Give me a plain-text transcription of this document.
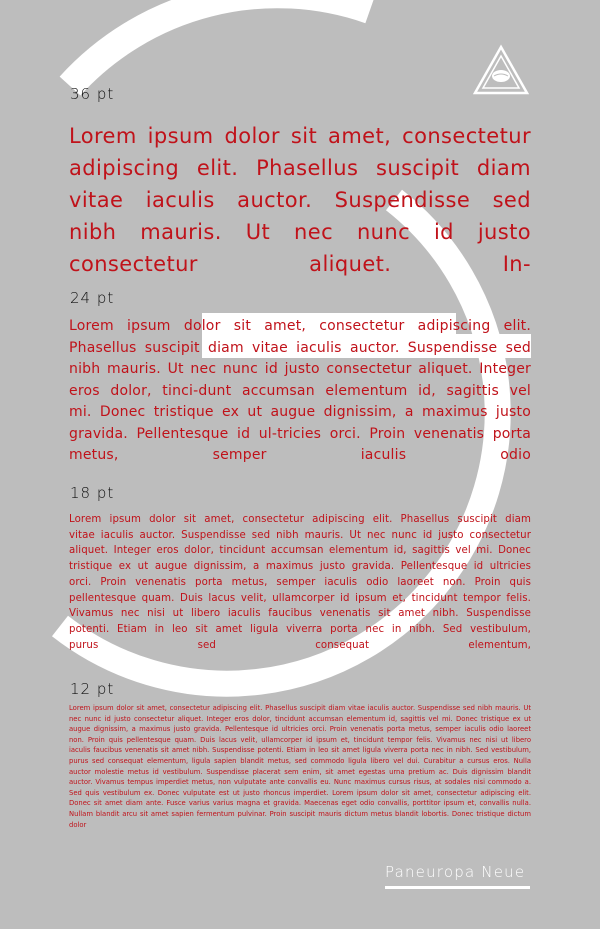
36 pt

Lorem ipsum dolor sit amet, consectetur adipiscing elit. Phasellus suscipit diam vitae iaculis auctor. Suspendisse sed nibh mauris. Ut nec nunc id justo consectetur aliquet. In-

24 pt

Lorem ipsum dolor sit amet, consectetur adipiscing elit. Phasellus suscipit diam vitae iaculis auctor. Suspendisse sed nibh mauris. Ut nec nunc id justo consectetur aliquet. Integer eros dolor, tinci-dunt accumsan elementum id, sagittis vel mi. Donec tristique ex ut augue dignissim, a maximus justo gravida. Pellentesque id ul-tricies orci. Proin venenatis porta metus, semper iaculis odio

18 pt

Lorem ipsum dolor sit amet, consectetur adipiscing elit. Phasellus suscipit diam vitae iaculis auctor. Suspendisse sed nibh mauris. Ut nec nunc id justo consectetur aliquet. Integer eros dolor, tincidunt accumsan elementum id, sagittis vel mi. Donec tristique ex ut augue dignissim, a maximus justo gravida. Pellentesque id ultricies orci. Proin venenatis porta metus, semper iaculis odio laoreet non. Proin quis pellentesque quam. Duis lacus velit, ullamcorper id ipsum et, tincidunt tempor felis. Vivamus nec nisi ut libero iaculis faucibus venenatis sit amet nibh. Suspendisse potenti. Etiam in leo sit amet ligula viverra porta nec in nibh. Sed vestibulum, purus sed consequat elementum,

12 pt

Lorem ipsum dolor sit amet, consectetur adipiscing elit. Phasellus suscipit diam vitae iaculis auctor. Suspendisse sed nibh mauris. Ut nec nunc id justo consectetur aliquet. Integer eros dolor, tincidunt accumsan elementum id, sagittis vel mi. Donec tristique ex ut augue dignissim, a maximus justo gravida. Pellentesque id ultricies orci. Proin venenatis porta metus, semper iaculis odio laoreet non. Proin quis pellentesque quam. Duis lacus velit, ullamcorper id ipsum et, tincidunt tempor felis. Vivamus nec nisi ut libero iaculis faucibus venenatis sit amet nibh. Suspendisse potenti. Etiam in leo sit amet ligula viverra porta nec in nibh. Sed vestibulum, purus sed consequat elementum, ligula sapien blandit metus, sed commodo ligula libero vel dui. Curabitur a cursus eros. Nulla auctor molestie metus id vestibulum. Suspendisse placerat sem enim, sit amet egestas urna pretium ac. Duis dignissim blandit auctor. Vivamus tempus imperdiet metus, non vulputate ante convallis eu. Nunc maximus cursus risus, at sodales nisi commodo a. Sed quis vestibulum ex. Donec vulputate est ut justo rhoncus imperdiet. Lorem ipsum dolor sit amet, consectetur adipiscing elit. Donec sit amet diam ante. Fusce varius varius magna et gravida. Maecenas eget odio convallis, porttitor ipsum et, convallis nulla. Nullam blandit arcu sit amet sapien fermentum pulvinar. Proin suscipit mauris dictum metus blandit lobortis. Donec tristique dictum dolor

Paneuropa Neue
